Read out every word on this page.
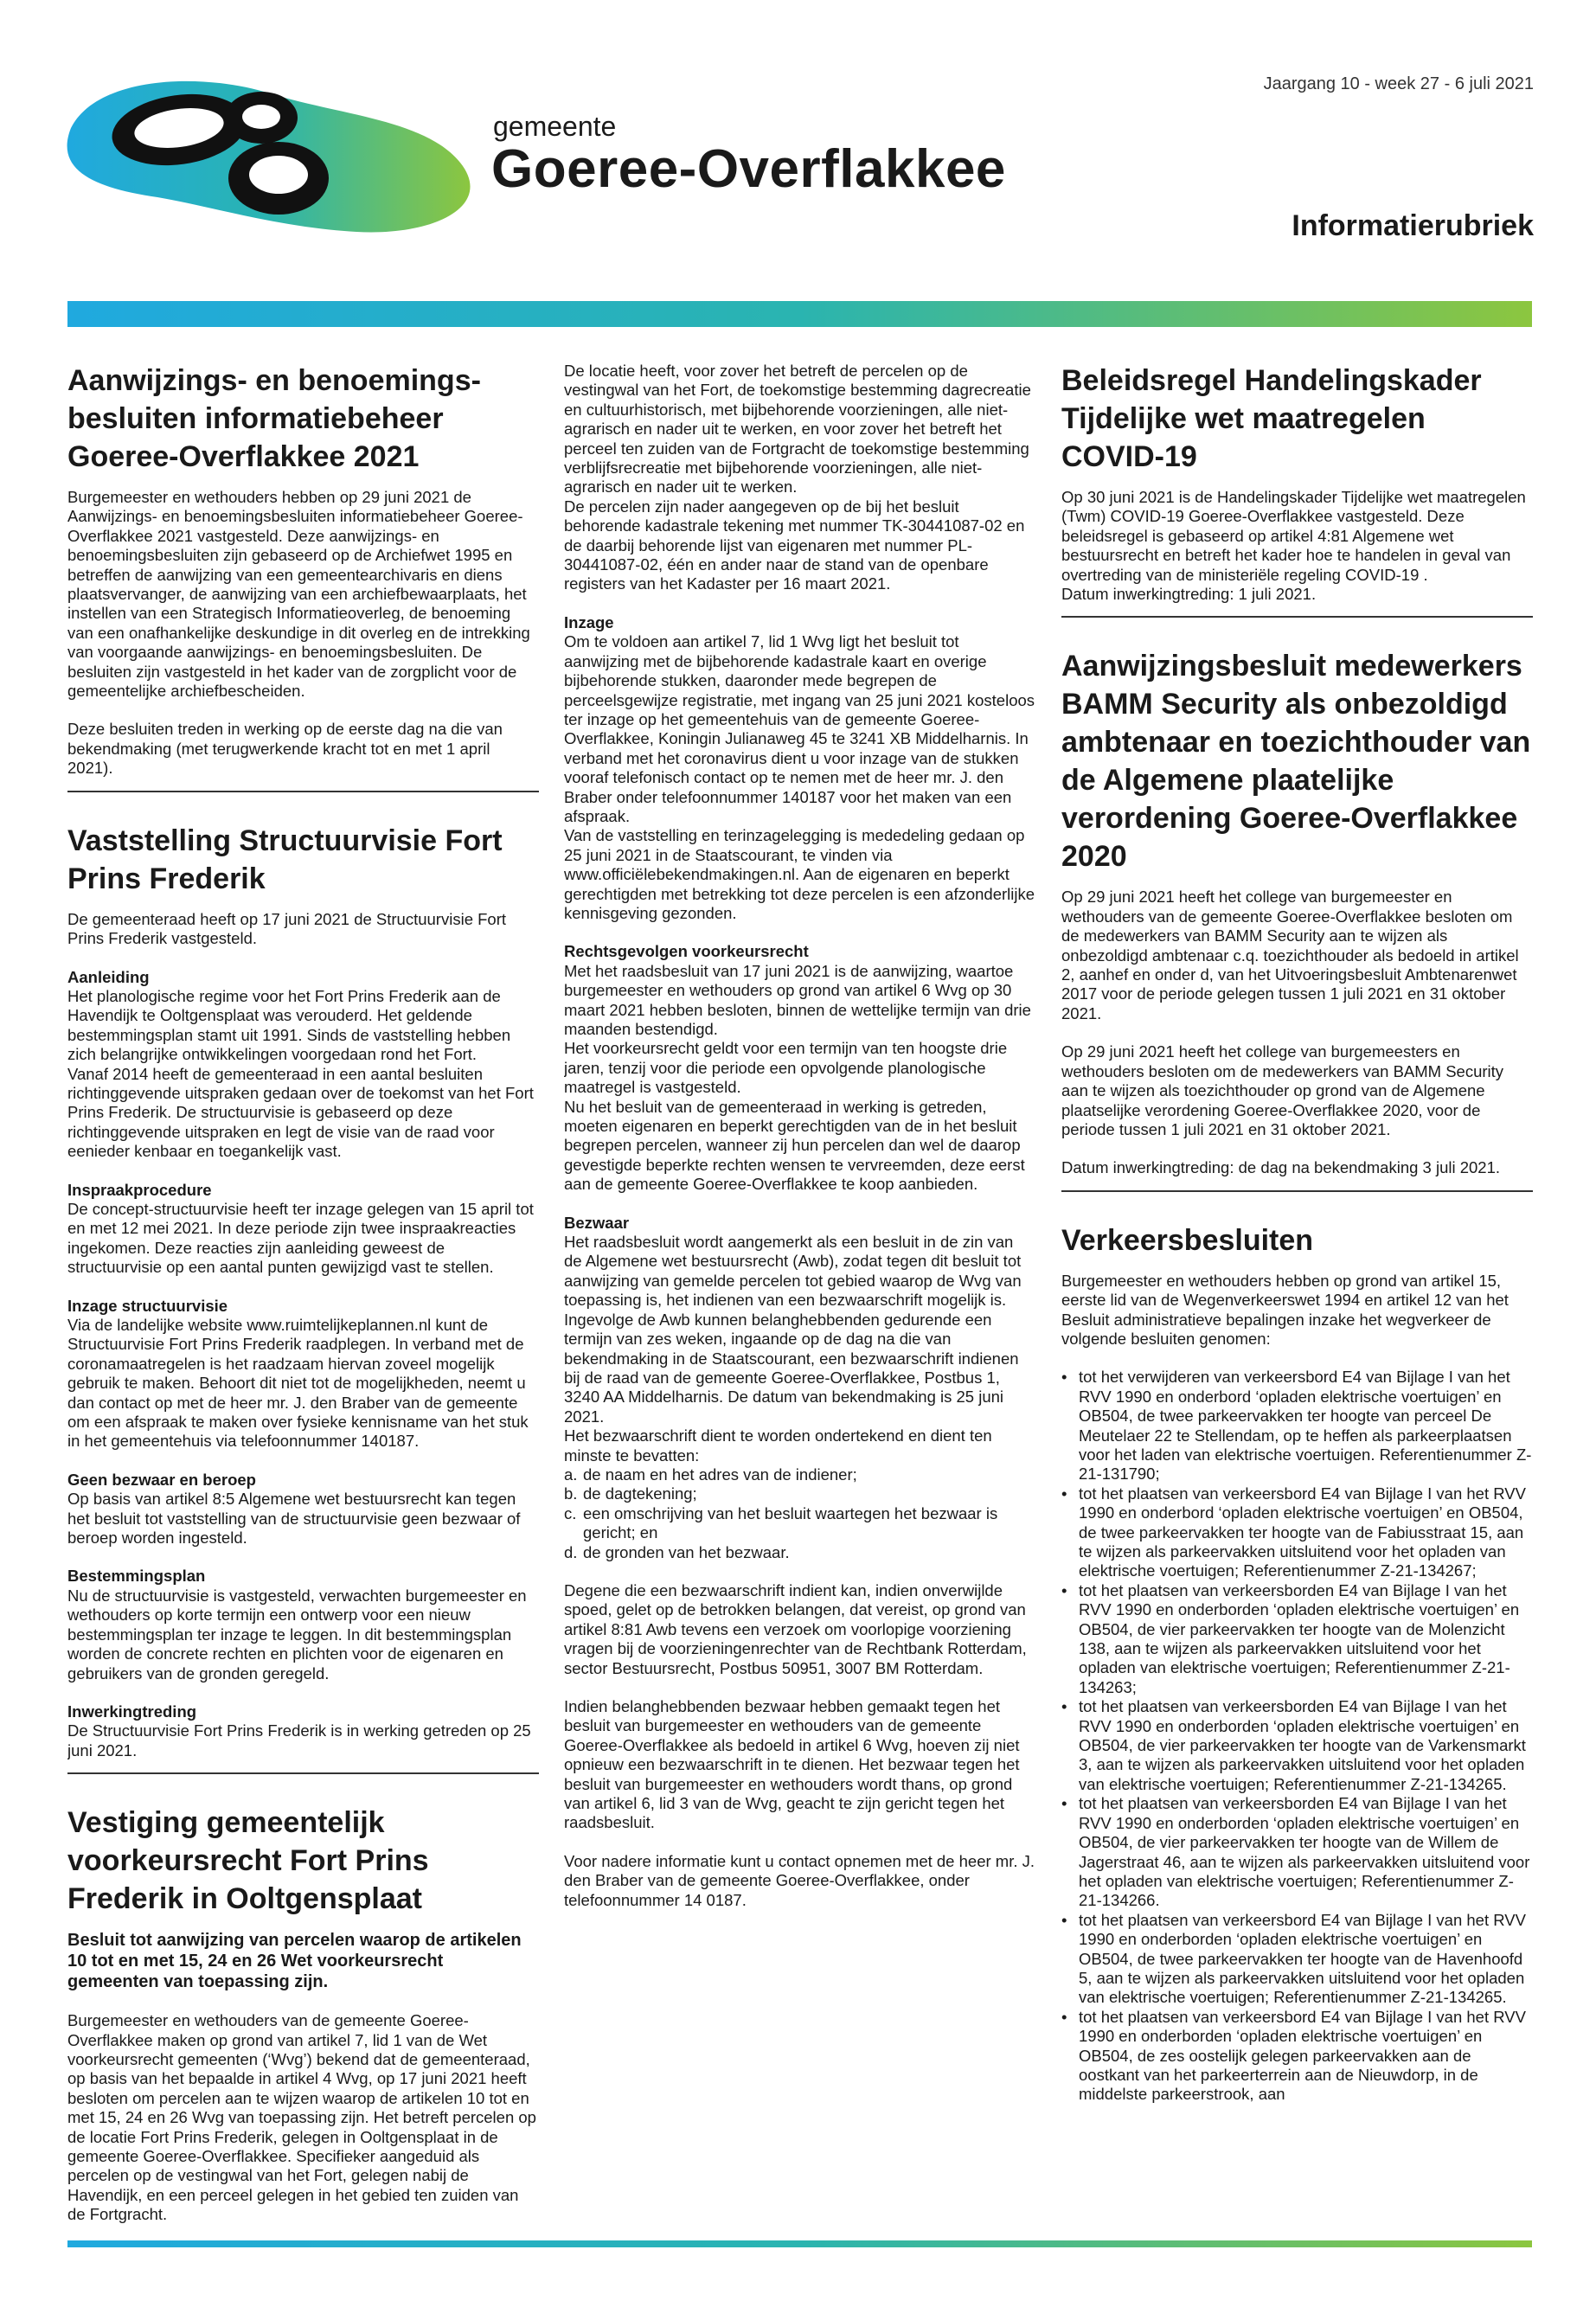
gemeente
Goeree-Overflakkee
Jaargang 10 - week 27 - 6 juli 2021
Informatierubriek
Aanwijzings- en benoemings-besluiten informatiebeheer Goeree-Overflakkee 2021

Burgemeester en wethouders hebben op 29 juni 2021 de Aanwijzings- en benoemingsbesluiten informatiebeheer Goeree-Overflakkee 2021 vastgesteld. Deze aanwijzings- en benoemingsbesluiten zijn gebaseerd op de Archiefwet 1995 en betreffen de aanwijzing van een gemeentearchivaris en diens plaatsvervanger, de aanwijzing van een archiefbewaarplaats, het instellen van een Strategisch Informatieoverleg, de benoeming van een onafhankelijke deskundige in dit overleg en de intrekking van voorgaande aanwijzings- en benoemingsbesluiten. De besluiten zijn vastgesteld in het kader van de zorgplicht voor de gemeentelijke archiefbescheiden.

Deze besluiten treden in werking op de eerste dag na die van bekendmaking (met terugwerkende kracht tot en met 1 april 2021).

Vaststelling Structuurvisie Fort Prins Frederik

De gemeenteraad heeft op 17 juni 2021 de Structuurvisie Fort Prins Frederik vastgesteld.

Aanleiding

Het planologische regime voor het Fort Prins Frederik aan de Havendijk te Ooltgensplaat was verouderd. Het geldende bestemmingsplan stamt uit 1991. Sinds de vaststelling hebben zich belangrijke ontwikkelingen voorgedaan rond het Fort.

Vanaf 2014 heeft de gemeenteraad in een aantal besluiten richtinggevende uitspraken gedaan over de toekomst van het Fort Prins Frederik. De structuurvisie is gebaseerd op deze richtinggevende uitspraken en legt de visie van de raad voor eenieder kenbaar en toegankelijk vast.

Inspraakprocedure

De concept-structuurvisie heeft ter inzage gelegen van 15 april tot en met 12 mei 2021. In deze periode zijn twee inspraakreacties ingekomen. Deze reacties zijn aanleiding geweest de structuurvisie op een aantal punten gewijzigd vast te stellen.

Inzage structuurvisie

Via de landelijke website www.ruimtelijkeplannen.nl kunt de Structuurvisie Fort Prins Frederik raadplegen. In verband met de coronamaatregelen is het raadzaam hiervan zoveel mogelijk gebruik te maken. Behoort dit niet tot de mogelijkheden, neemt u dan contact op met de heer mr. J. den Braber van de gemeente om een afspraak te maken over fysieke kennisname van het stuk in het gemeentehuis via telefoonnummer 140187.

Geen bezwaar en beroep

Op basis van artikel 8:5 Algemene wet bestuursrecht kan tegen het besluit tot vaststelling van de structuurvisie geen bezwaar of beroep worden ingesteld.

Bestemmingsplan

Nu de structuurvisie is vastgesteld, verwachten burgemeester en wethouders op korte termijn een ontwerp voor een nieuw bestemmingsplan ter inzage te leggen. In dit bestemmingsplan worden de concrete rechten en plichten voor de eigenaren en gebruikers van de gronden geregeld.

Inwerkingtreding

De Structuurvisie Fort Prins Frederik is in werking getreden op 25 juni 2021.

Vestiging gemeentelijk voorkeursrecht Fort Prins Frederik in Ooltgensplaat

Besluit tot aanwijzing van percelen waarop de artikelen 10 tot en met 15, 24 en 26 Wet voorkeursrecht gemeenten van toepassing zijn.

Burgemeester en wethouders van de gemeente Goeree-Overflakkee maken op grond van artikel 7, lid 1 van de Wet voorkeursrecht gemeenten (‘Wvg’) bekend dat de gemeenteraad, op basis van het bepaalde in artikel 4 Wvg, op 17 juni 2021 heeft besloten om percelen aan te wijzen waarop de artikelen 10 tot en met 15, 24 en 26 Wvg van toepassing zijn. Het betreft percelen op de locatie Fort Prins Frederik, gelegen in Ooltgensplaat in de gemeente Goeree-Overflakkee. Specifieker aangeduid als percelen op de vestingwal van het Fort, gelegen nabij de Havendijk, en een perceel gelegen in het gebied ten zuiden van de Fortgracht.

De locatie heeft, voor zover het betreft de percelen op de vestingwal van het Fort, de toekomstige bestemming dagrecreatie en cultuurhistorisch, met bijbehorende voorzieningen, alle niet-agrarisch en nader uit te werken, en voor zover het betreft het perceel ten zuiden van de Fortgracht de toekomstige bestemming verblijfsrecreatie met bijbehorende voorzieningen, alle niet-agrarisch en nader uit te werken.

De percelen zijn nader aangegeven op de bij het besluit behorende kadastrale tekening met nummer TK-30441087-02 en de daarbij behorende lijst van eigenaren met nummer PL-30441087-02, één en ander naar de stand van de openbare registers van het Kadaster per 16 maart 2021.

Inzage

Om te voldoen aan artikel 7, lid 1 Wvg ligt het besluit tot aanwijzing met de bijbehorende kadastrale kaart en overige bijbehorende stukken, daaronder mede begrepen de perceelsgewijze registratie, met ingang van 25 juni 2021 kosteloos ter inzage op het gemeentehuis van de gemeente Goeree-Overflakkee, Koningin Julianaweg 45 te 3241 XB Middelharnis. In verband met het coronavirus dient u voor inzage van de stukken vooraf telefonisch contact op te nemen met de heer mr. J. den Braber onder telefoonnummer 140187 voor het maken van een afspraak.

Van de vaststelling en terinzagelegging is mededeling gedaan op 25 juni 2021 in de Staatscourant, te vinden via www.officiëlebekendmakingen.nl. Aan de eigenaren en beperkt gerechtigden met betrekking tot deze percelen is een afzonderlijke kennisgeving gezonden.

Rechtsgevolgen voorkeursrecht

Met het raadsbesluit van 17 juni 2021 is de aanwijzing, waartoe burgemeester en wethouders op grond van artikel 6 Wvg op 30 maart 2021 hebben besloten, binnen de wettelijke termijn van drie maanden bestendigd.

Het voorkeursrecht geldt voor een termijn van ten hoogste drie jaren, tenzij voor die periode een opvolgende planologische maatregel is vastgesteld.

Nu het besluit van de gemeenteraad in werking is getreden, moeten eigenaren en beperkt gerechtigden van de in het besluit begrepen percelen, wanneer zij hun percelen dan wel de daarop gevestigde beperkte rechten wensen te vervreemden, deze eerst aan de gemeente Goeree-Overflakkee te koop aanbieden.

Bezwaar

Het raadsbesluit wordt aangemerkt als een besluit in de zin van de Algemene wet bestuursrecht (Awb), zodat tegen dit besluit tot aanwijzing van gemelde percelen tot gebied waarop de Wvg van toepassing is, het indienen van een bezwaarschrift mogelijk is.

Ingevolge de Awb kunnen belanghebbenden gedurende een termijn van zes weken, ingaande op de dag na die van bekendmaking in de Staatscourant, een bezwaarschrift indienen bij de raad van de gemeente Goeree-Overflakkee, Postbus 1, 3240 AA Middelharnis. De datum van bekendmaking is 25 juni 2021.

Het bezwaarschrift dient te worden ondertekend en dient ten minste te bevatten:

a. de naam en het adres van de indiener;
b. de dagtekening;
c. een omschrijving van het besluit waartegen het bezwaar is gericht; en
d. de gronden van het bezwaar.

Degene die een bezwaarschrift indient kan, indien onverwijlde spoed, gelet op de betrokken belangen, dat vereist, op grond van artikel 8:81 Awb tevens een verzoek om voorlopige voorziening vragen bij de voorzieningenrechter van de Rechtbank Rotterdam, sector Bestuursrecht, Postbus 50951, 3007 BM Rotterdam.

Indien belanghebbenden bezwaar hebben gemaakt tegen het besluit van burgemeester en wethouders van de gemeente Goeree-Overflakkee als bedoeld in artikel 6 Wvg, hoeven zij niet opnieuw een bezwaarschrift in te dienen. Het bezwaar tegen het besluit van burgemeester en wethouders wordt thans, op grond van artikel 6, lid 3 van de Wvg, geacht te zijn gericht tegen het raadsbesluit.

Voor nadere informatie kunt u contact opnemen met de heer mr. J. den Braber van de gemeente Goeree-Overflakkee, onder telefoonnummer 14 0187.

Beleidsregel Handelingskader Tijdelijke wet maatregelen COVID-19

Op 30 juni 2021 is de Handelingskader Tijdelijke wet maatregelen (Twm) COVID-19 Goeree-Overflakkee vastgesteld. Deze beleidsregel is gebaseerd op artikel 4:81 Algemene wet bestuursrecht en betreft het kader hoe te handelen in geval van overtreding van de ministeriële regeling COVID-19 .

Datum inwerkingtreding: 1 juli 2021.

Aanwijzingsbesluit medewerkers BAMM Security als onbezoldigd ambtenaar en toezichthouder van de Algemene plaatelijke verordening Goeree-Overflakkee 2020

Op 29 juni 2021 heeft het college van burgemeester en wethouders van de gemeente Goeree-Overflakkee besloten om de medewerkers van BAMM Security aan te wijzen als onbezoldigd ambtenaar c.q. toezichthouder als bedoeld in artikel 2, aanhef en onder d, van het Uitvoeringsbesluit Ambtenarenwet 2017 voor de periode gelegen tussen 1 juli 2021 en 31 oktober 2021.

Op 29 juni 2021 heeft het college van burgemeesters en wethouders besloten om de medewerkers van BAMM Security aan te wijzen als toezichthouder op grond van de Algemene plaatselijke verordening Goeree-Overflakkee 2020, voor de periode tussen 1 juli 2021 en 31 oktober 2021.

Datum inwerkingtreding: de dag na bekendmaking 3 juli 2021.

Verkeersbesluiten

Burgemeester en wethouders hebben op grond van artikel 15, eerste lid van de Wegenverkeerswet 1994 en artikel 12 van het Besluit administratieve bepalingen inzake het wegverkeer de volgende besluiten genomen:

• tot het verwijderen van verkeersbord E4 van Bijlage I van het RVV 1990 en onderbord ‘opladen elektrische voertuigen’ en OB504, de twee parkeervakken ter hoogte van perceel De Meutelaer 22 te Stellendam, op te heffen als parkeerplaatsen voor het laden van elektrische voertuigen. Referentienummer Z-21-131790;
• tot het plaatsen van verkeersbord E4 van Bijlage I van het RVV 1990 en onderbord ‘opladen elektrische voertuigen’ en OB504, de twee parkeervakken ter hoogte van de Fabiusstraat 15, aan te wijzen als parkeervakken uitsluitend voor het opladen van elektrische voertuigen; Referentienummer Z-21-134267;
• tot het plaatsen van verkeersborden E4 van Bijlage I van het RVV 1990 en onderborden ‘opladen elektrische voertuigen’ en OB504, de vier parkeervakken ter hoogte van de Molenzicht 138, aan te wijzen als parkeervakken uitsluitend voor het opladen van elektrische voertuigen; Referentienummer Z-21-134263;
• tot het plaatsen van verkeersborden E4 van Bijlage I van het RVV 1990 en onderborden ‘opladen elektrische voertuigen’ en OB504, de vier parkeervakken ter hoogte van de Varkensmarkt 3, aan te wijzen als parkeervakken uitsluitend voor het opladen van elektrische voertuigen; Referentienummer Z-21-134265.
• tot het plaatsen van verkeersborden E4 van Bijlage I van het RVV 1990 en onderborden ‘opladen elektrische voertuigen’ en OB504, de vier parkeervakken ter hoogte van de Willem de Jagerstraat 46, aan te wijzen als parkeervakken uitsluitend voor het opladen van elektrische voertuigen; Referentienummer Z-21-134266.
• tot het plaatsen van verkeersbord E4 van Bijlage I van het RVV 1990 en onderborden ‘opladen elektrische voertuigen’ en OB504, de twee parkeervakken ter hoogte van de Havenhoofd 5, aan te wijzen als parkeervakken uitsluitend voor het opladen van elektrische voertuigen; Referentienummer Z-21-134265.
• tot het plaatsen van verkeersbord E4 van Bijlage I van het RVV 1990 en onderborden ‘opladen elektrische voertuigen’ en OB504, de zes oostelijk gelegen parkeervakken aan de oostkant van het parkeerterrein aan de Nieuwdorp, in de middelste parkeerstrook, aan
